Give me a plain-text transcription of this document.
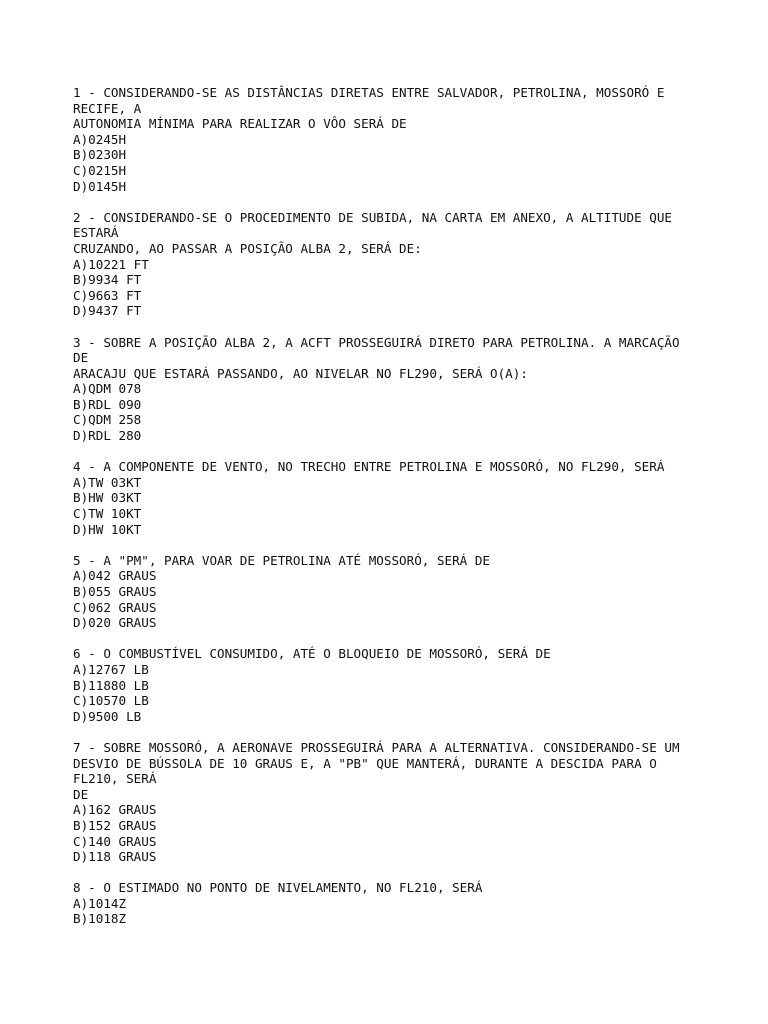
1 - CONSIDERANDO-SE AS DISTÂNCIAS DIRETAS ENTRE SALVADOR, PETROLINA, MOSSORÓ E
RECIFE, A
AUTONOMIA MÍNIMA PARA REALIZAR O VÔO SERÁ DE
A)0245H
B)0230H
C)0215H
D)0145H
2 - CONSIDERANDO-SE O PROCEDIMENTO DE SUBIDA, NA CARTA EM ANEXO, A ALTITUDE QUE
ESTARÁ
CRUZANDO, AO PASSAR A POSIÇÃO ALBA 2, SERÁ DE:
A)10221 FT
B)9934 FT
C)9663 FT
D)9437 FT
3 - SOBRE A POSIÇÃO ALBA 2, A ACFT PROSSEGUIRÁ DIRETO PARA PETROLINA. A MARCAÇÃO
DE
ARACAJU QUE ESTARÁ PASSANDO, AO NIVELAR NO FL290, SERÁ O(A):
A)QDM 078
B)RDL 090
C)QDM 258
D)RDL 280
4 - A COMPONENTE DE VENTO, NO TRECHO ENTRE PETROLINA E MOSSORÓ, NO FL290, SERÁ
A)TW 03KT
B)HW 03KT
C)TW 10KT
D)HW 10KT
5 - A "PM", PARA VOAR DE PETROLINA ATÉ MOSSORÓ, SERÁ DE
A)042 GRAUS
B)055 GRAUS
C)062 GRAUS
D)020 GRAUS
6 - O COMBUSTÍVEL CONSUMIDO, ATÉ O BLOQUEIO DE MOSSORÓ, SERÁ DE
A)12767 LB
B)11880 LB
C)10570 LB
D)9500 LB
7 - SOBRE MOSSORÓ, A AERONAVE PROSSEGUIRÁ PARA A ALTERNATIVA. CONSIDERANDO-SE UM
DESVIO DE BÚSSOLA DE 10 GRAUS E, A "PB" QUE MANTERÁ, DURANTE A DESCIDA PARA O
FL210, SERÁ
DE
A)162 GRAUS
B)152 GRAUS
C)140 GRAUS
D)118 GRAUS
8 - O ESTIMADO NO PONTO DE NIVELAMENTO, NO FL210, SERÁ
A)1014Z
B)1018Z
